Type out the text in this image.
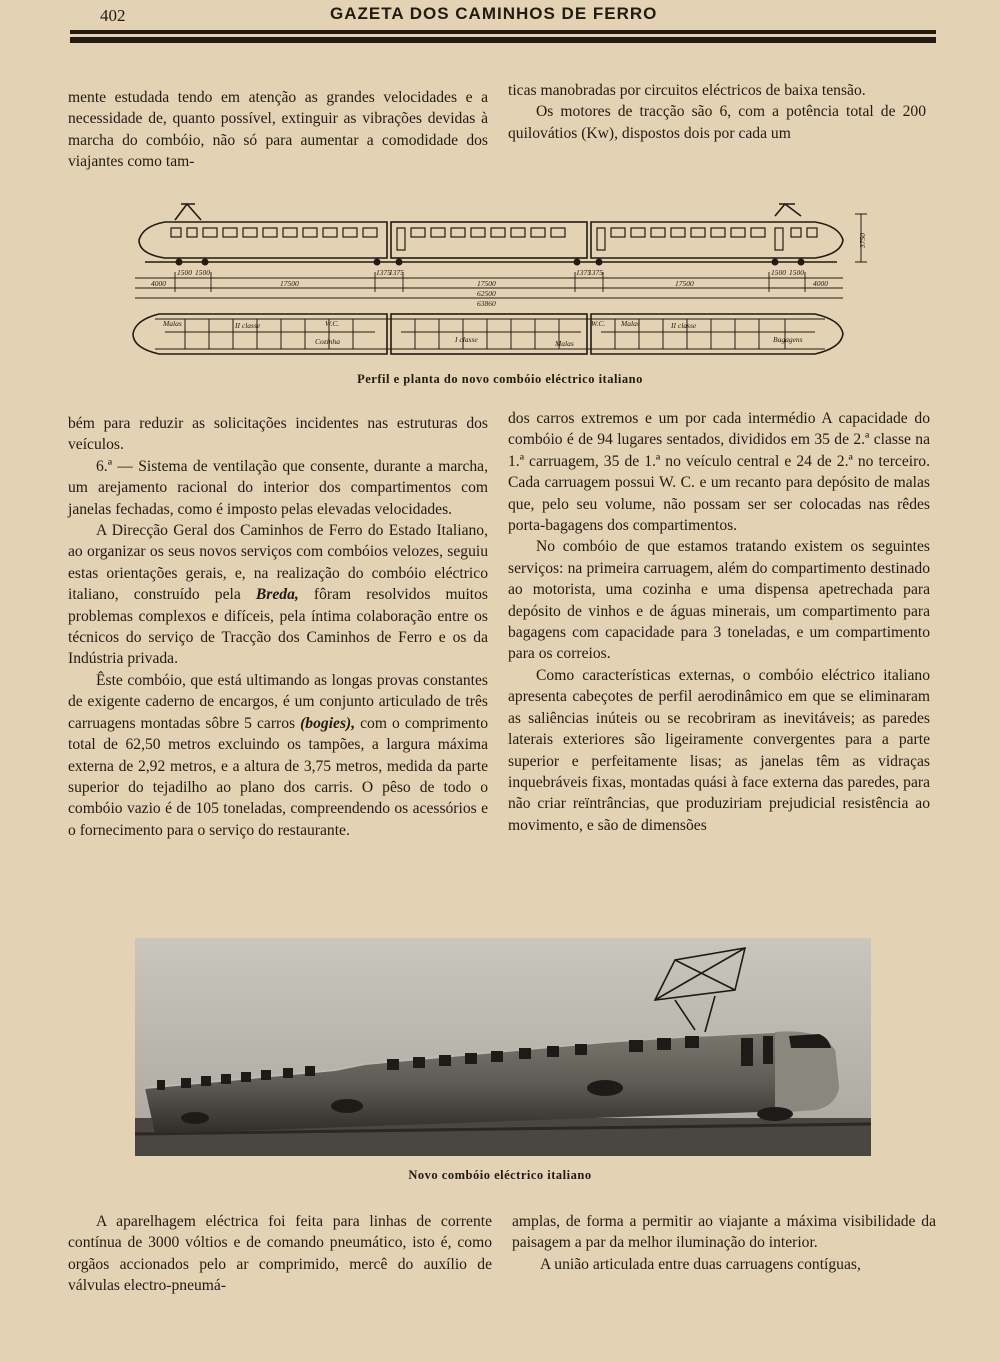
402	GAZETA DOS CAMINHOS DE FERRO

mente estudada tendo em atenção as grandes velocidades e a necessidade de, quanto possível, extinguir as vibrações devidas à marcha do combóio, não só para aumentar a comodidade dos viajantes como tam-

ticas manobradas por circuitos eléctricos de baixa tensão.

Os motores de tracção são 6, com a potência total de 200 quilovátios (Kw), dispostos dois por cada um

1500 1500
4000	17500
1375
1375
17500
1375
1375
17500
1500 1500
4000
62500
63860
3750
Malas	II classe	W.C.
Cozinha	I classe
W.C. Malas	II classe
Malas	Bagagens
Perfil e planta do novo combóio eléctrico italiano

bém para reduzir as solicitações incidentes nas estruturas dos veículos.

6.ª — Sistema de ventilação que consente, durante a marcha, um arejamento racional do interior dos compartimentos com janelas fechadas, como é imposto pelas elevadas velocidades.

A Direcção Geral dos Caminhos de Ferro do Estado Italiano, ao organizar os seus novos serviços com combóios velozes, seguiu estas orientações gerais, e, na realização do combóio eléctrico italiano, construído pela Breda, fôram resolvidos muitos problemas complexos e difíceis, pela íntima colaboração entre os técnicos do serviço de Tracção dos Caminhos de Ferro e os da Indústria privada.

Êste combóio, que está ultimando as longas provas constantes de exigente caderno de encargos, é um conjunto articulado de três carruagens montadas sôbre 5 carros (bogies), com o comprimento total de 62,50 metros excluindo os tampões, a largura máxima externa de 2,92 metros, e a altura de 3,75 metros, medida da parte superior do tejadilho ao plano dos carris. O pêso de todo o combóio vazio é de 105 toneladas, compreendendo os acessórios e o fornecimento para o serviço do restaurante.

dos carros extremos e um por cada intermédio A capacidade do combóio é de 94 lugares sentados, divididos em 35 de 2.ª classe na 1.ª carruagem, 35 de 1.ª no veículo central e 24 de 2.ª no terceiro. Cada carruagem possui W. C. e um recanto para depósito de malas que, pelo seu volume, não possam ser ser colocadas nas rêdes porta-bagagens dos compartimentos.

No combóio de que estamos tratando existem os seguintes serviços: na primeira carruagem, além do compartimento destinado ao motorista, uma cozinha e uma dispensa apetrechada para depósito de vinhos e de águas minerais, um compartimento para bagagens com capacidade para 3 toneladas, e um compartimento para os correios.

Como características externas, o combóio eléctrico italiano apresenta cabeçotes de perfil aerodinâmico em que se eliminaram as saliências inúteis ou se recobriram as inevitáveis; as paredes laterais exteriores são ligeiramente convergentes para a parte superior e perfeitamente lisas; as janelas têm as vidraças inquebráveis fixas, montadas quási à face externa das paredes, para não criar reïntrâncias, que produziriam prejudicial resistência ao movimento, e são de dimensões

Novo combóio eléctrico italiano

A aparelhagem eléctrica foi feita para linhas de corrente contínua de 3000 vóltios e de comando pneumático, isto é, como orgãos accionados pelo ar comprimido, mercê do auxílio de válvulas electro-pneumá-

amplas, de forma a permitir ao viajante a máxima visibilidade da paisagem a par da melhor iluminação do interior.

A união articulada entre duas carruagens contíguas,
